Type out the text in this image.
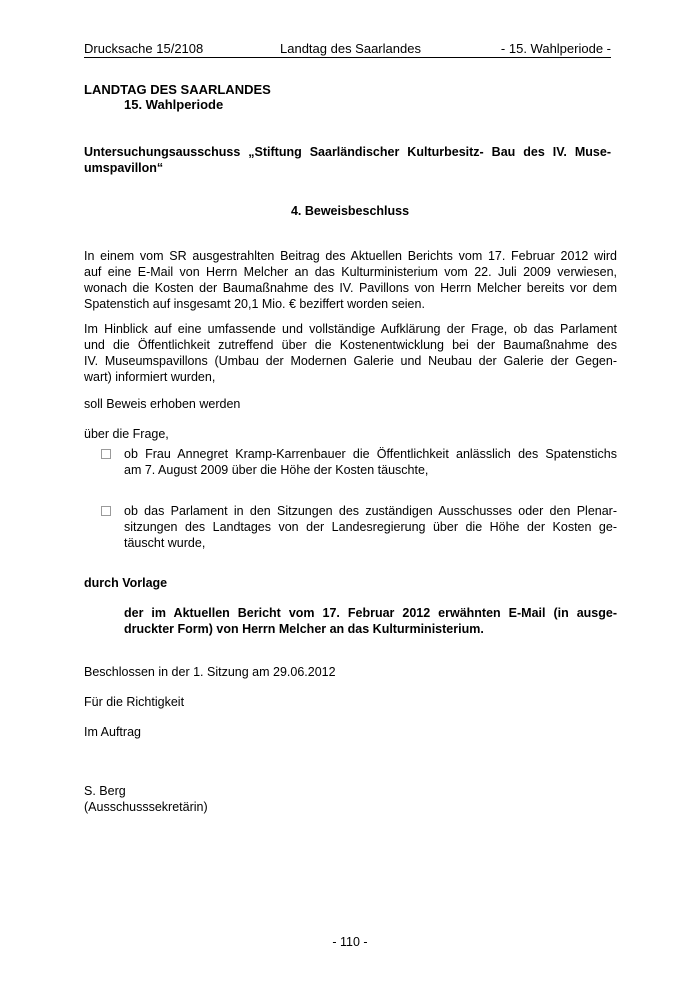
Drucksache 15/2108	Landtag des Saarlandes	- 15. Wahlperiode -
LANDTAG DES SAARLANDES
15. Wahlperiode
Untersuchungsausschuss „Stiftung Saarländischer Kulturbesitz- Bau des IV. Muse-
umspavillon“
4. Beweisbeschluss
In einem vom SR ausgestrahlten Beitrag des Aktuellen Berichts vom 17. Februar 2012 wird
auf eine E-Mail von Herrn Melcher an das Kulturministerium vom 22. Juli 2009 verwiesen,
wonach die Kosten der Baumaßnahme des IV. Pavillons von Herrn Melcher bereits vor dem
Spatenstich auf insgesamt 20,1 Mio. € beziffert worden seien.
Im Hinblick auf eine umfassende und vollständige Aufklärung der Frage, ob das Parlament
und die Öffentlichkeit zutreffend über die Kostenentwicklung bei der Baumaßnahme des
IV. Museumspavillons (Umbau der Modernen Galerie und Neubau der Galerie der Gegen-
wart) informiert wurden,
soll Beweis erhoben werden
über die Frage,
ob Frau Annegret Kramp-Karrenbauer die Öffentlichkeit anlässlich des Spatenstichs
am 7. August 2009 über die Höhe der Kosten täuschte,
ob das Parlament in den Sitzungen des zuständigen Ausschusses oder den Plenar-
sitzungen des Landtages von der Landesregierung über die Höhe der Kosten ge-
täuscht wurde,
durch Vorlage
der im Aktuellen Bericht vom 17. Februar 2012 erwähnten E-Mail (in ausge-
druckter Form) von Herrn Melcher an das Kulturministerium.
Beschlossen in der 1. Sitzung am 29.06.2012
Für die Richtigkeit
Im Auftrag
S. Berg
(Ausschusssekretärin)
- 110 -
